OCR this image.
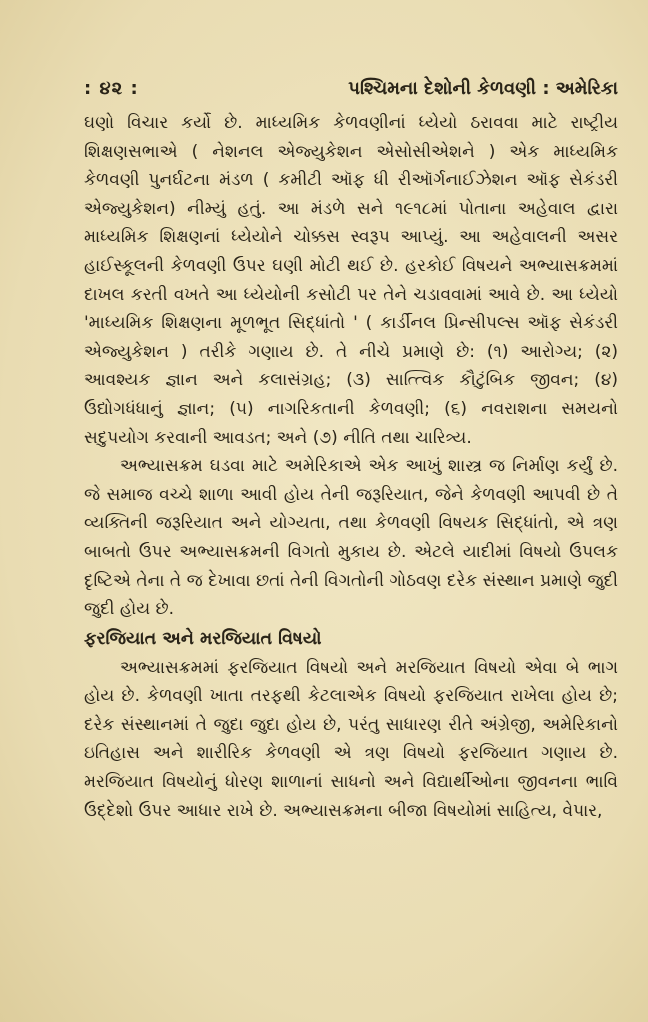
: ૪૨ :	પશ્ચિમના દેશોની કેળવણી : અમેરિકા

ઘણો વિચાર કર્યો છે. માધ્યમિક કેળવણીનાં ધ્યેયો ઠરાવવા માટે રાષ્ટ્રીય શિક્ષણસભાએ ( નેશનલ એજ્યુકેશન એસોસીએશને ) એક માધ્યમિક કેળવણી પુનર્ઘટના મંડળ ( કમીટી ઑફ ધી રીઑર્ગનાઈઝેશન ઑફ સેકંડરી એજ્યુકેશન) નીમ્યું હતું. આ મંડળે સને ૧૯૧૮માં પોતાના અહેવાલ દ્વારા માધ્યમિક શિક્ષણનાં ધ્યેયોને ચોક્કસ સ્વરૂપ આપ્યું. આ અહેવાલની અસર હાઈસ્કૂલની કેળવણી ઉપર ઘણી મોટી થઈ છે. હરકોઈ વિષયને અભ્યાસક્રમમાં દાખલ કરતી વખતે આ ધ્યેયોની કસોટી પર તેને ચડાવવામાં આવે છે. આ ધ્યેયો 'માધ્યમિક શિક્ષણના મૂળભૂત સિદ્ધાંતો ' ( કાર્ડીનલ પ્રિન્સીપલ્સ ઑફ સેકંડરી એજ્યુકેશન ) તરીકે ગણાય છે. તે નીચે પ્રમાણે છે: (૧) આરોગ્ય; (૨) આવશ્યક જ્ઞાન અને કલાસંગ્રહ; (૩) સાત્ત્વિક કૌટુંબિક જીવન; (૪) ઉદ્યોગધંધાનું જ્ઞાન; (૫) નાગરિકતાની કેળવણી; (૬) નવરાશના સમયનો સદુપયોગ કરવાની આવડત; અને (૭) નીતિ તથા ચારિત્ર્ય.

અભ્યાસક્રમ ઘડવા માટે અમેરિકાએ એક આખું શાસ્ત્ર જ નિર્માણ કર્યું છે. જે સમાજ વચ્ચે શાળા આવી હોય તેની જરૂરિયાત, જેને કેળવણી આપવી છે તે વ્યક્તિની જરૂરિયાત અને યોગ્યતા, તથા કેળવણી વિષયક સિદ્ધાંતો, એ ત્રણ બાબતો ઉપર અભ્યાસક્રમની વિગતો મુકાય છે. એટલે યાદીમાં વિષયો ઉપલક દૃષ્ટિએ તેના તે જ દેખાવા છતાં તેની વિગતોની ગોઠવણ દરેક સંસ્થાન પ્રમાણે જુદી જુદી હોય છે.

ફરજિયાત અને મરજિયાત વિષયો

અભ્યાસક્રમમાં ફરજિયાત વિષયો અને મરજિયાત વિષયો એવા બે ભાગ હોય છે. કેળવણી ખાતા તરફથી કેટલાએક વિષયો ફરજિયાત રાખેલા હોય છે; દરેક સંસ્થાનમાં તે જુદા જુદા હોય છે, પરંતુ સાધારણ રીતે અંગ્રેજી, અમેરિકાનો ઇતિહાસ અને શારીરિક કેળવણી એ ત્રણ વિષયો ફરજિયાત ગણાય છે. મરજિયાત વિષયોનું ધોરણ શાળાનાં સાધનો અને વિદ્યાર્થીઓના જીવનના ભાવિ ઉદ્દેશો ઉપર આધાર રાખે છે. અભ્યાસક્રમના બીજા વિષયોમાં સાહિત્ય, વેપાર,
